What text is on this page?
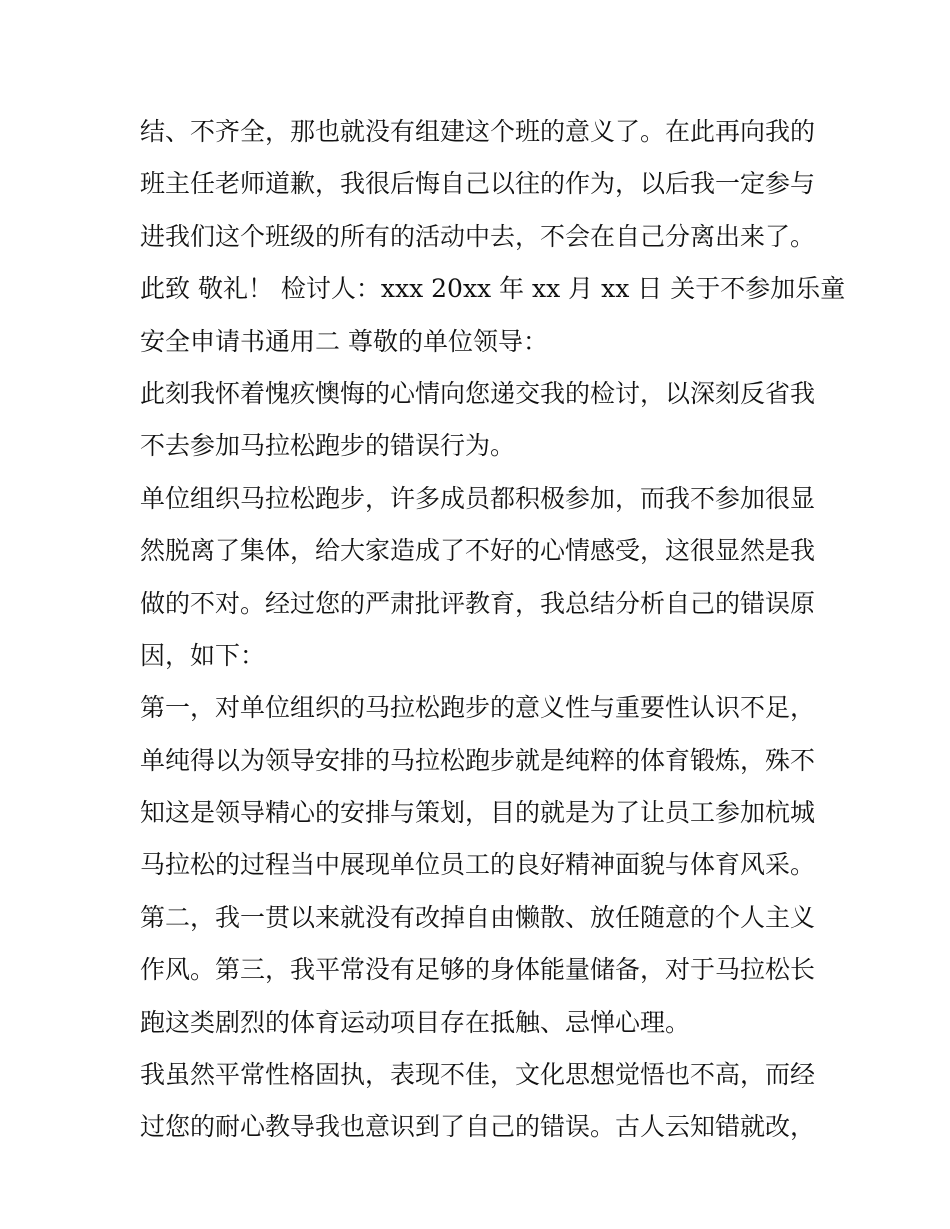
结、不齐全，那也就没有组建这个班的意义了。在此再向我的
班主任老师道歉，我很后悔自己以往的作为，以后我一定参与
进我们这个班级的所有的活动中去，不会在自己分离出来了。
此致 敬礼！ 检讨人：xxx 20xx 年 xx 月 xx 日 关于不参加乐童
安全申请书通用二 尊敬的单位领导：
此刻我怀着愧疚懊悔的心情向您递交我的检讨，以深刻反省我
不去参加马拉松跑步的错误行为。
单位组织马拉松跑步，许多成员都积极参加，而我不参加很显
然脱离了集体，给大家造成了不好的心情感受，这很显然是我
做的不对。经过您的严肃批评教育，我总结分析自己的错误原
因，如下：
第一，对单位组织的马拉松跑步的意义性与重要性认识不足，
单纯得以为领导安排的马拉松跑步就是纯粹的体育锻炼，殊不
知这是领导精心的安排与策划，目的就是为了让员工参加杭城
马拉松的过程当中展现单位员工的良好精神面貌与体育风采。
第二，我一贯以来就没有改掉自由懒散、放任随意的个人主义
作风。第三，我平常没有足够的身体能量储备，对于马拉松长
跑这类剧烈的体育运动项目存在抵触、忌惮心理。
我虽然平常性格固执，表现不佳，文化思想觉悟也不高，而经
过您的耐心教导我也意识到了自己的错误。古人云知错就改，
